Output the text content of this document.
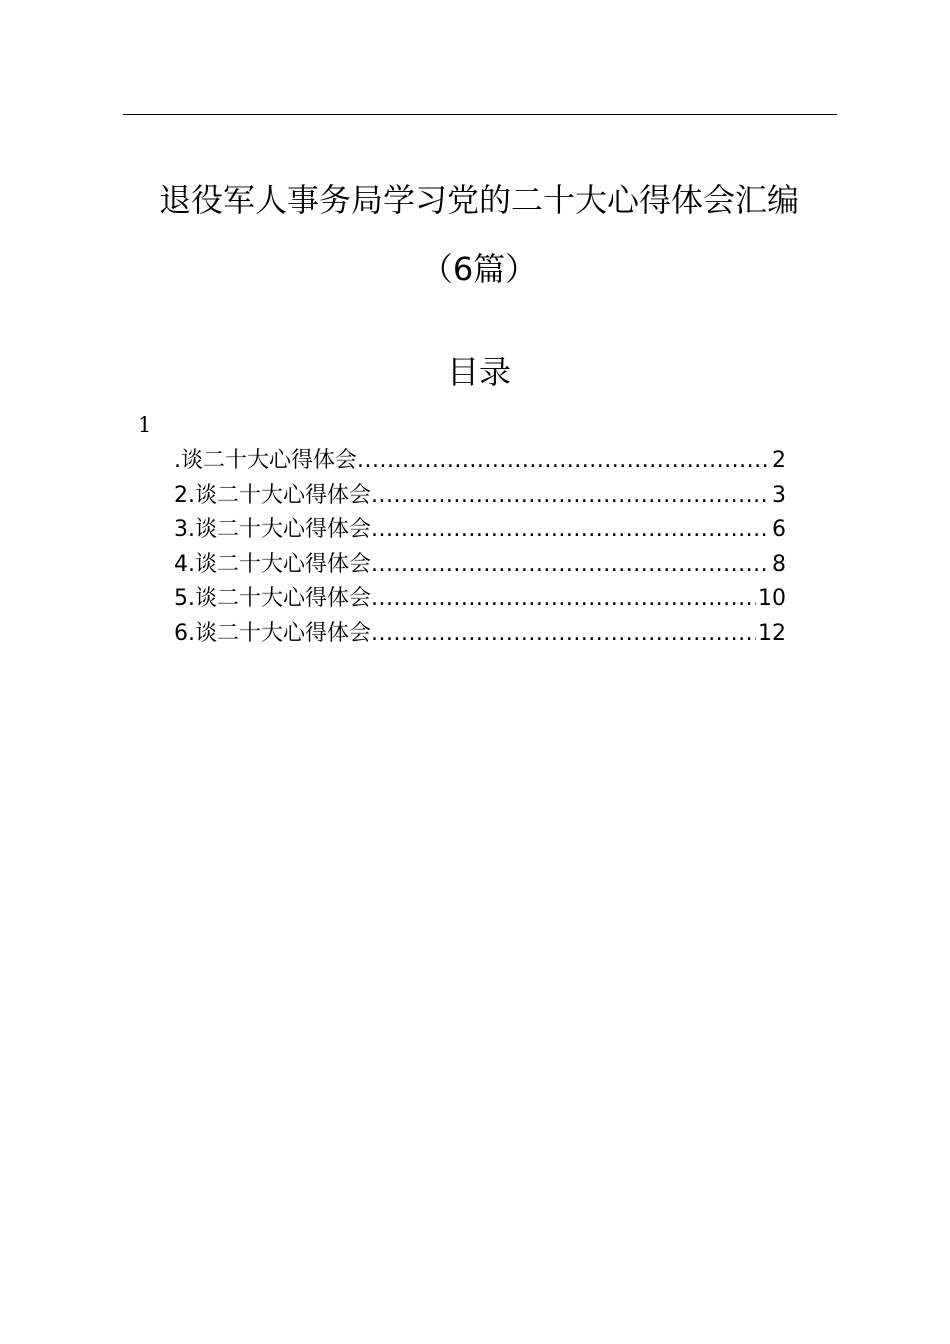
退役军人事务局学习党的二十大心得体会汇编
（6篇）
目录
1
.谈二十大心得体会 .....	2
2.谈二十大心得体会 .....	3
3.谈二十大心得体会 .....	6
4.谈二十大心得体会 .....	8
5.谈二十大心得体会 .....	10
6.谈二十大心得体会 .....	12
